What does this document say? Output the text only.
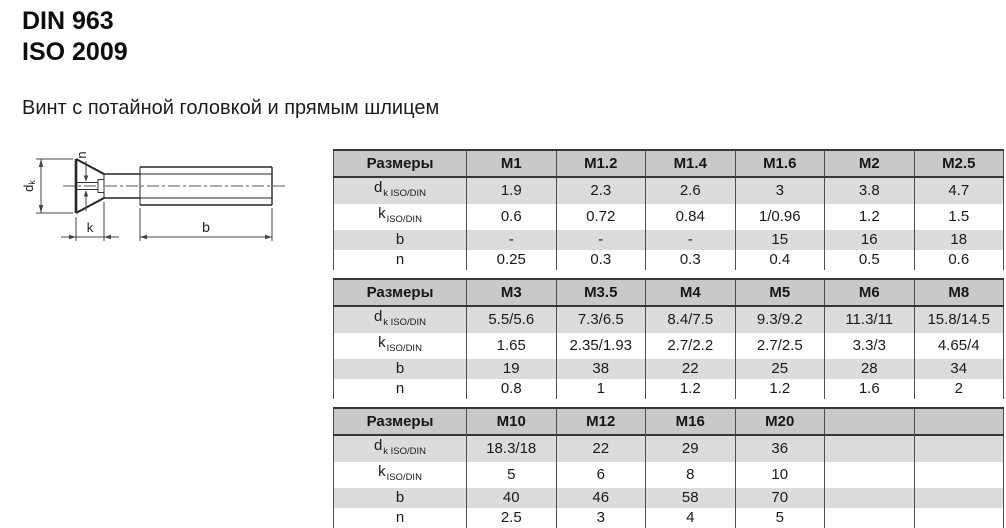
DIN 963
ISO 2009
Винт с потайной головкой и прямым шлицем
dk
n
k	b
Размеры	M1	M1.2	M1.4	M1.6	M2	M2.5
$d_{k ISO/DIN}$	1.9	2.3	2.6	3	3.8	4.7
$k_{ISO/DIN}$	0.6	0.72	0.84	1/0.96	1.2	1.5
b	-	-	-	15	16	18
n	0.25	0.3	0.3	0.4	0.5	0.6
Размеры	M3	M3.5	M4	M5	M6	M8
$d_{k ISO/DIN}$	5.5/5.6	7.3/6.5	8.4/7.5	9.3/9.2	11.3/11	15.8/14.5
$k_{ISO/DIN}$	1.65	2.35/1.93	2.7/2.2	2.7/2.5	3.3/3	4.65/4
b	19	38	22	25	28	34
n	0.8	1	1.2	1.2	1.6	2
Размеры	M10	M12	M16	M20		
$d_{k ISO/DIN}$	18.3/18	22	29	36		
$k_{ISO/DIN}$	5	6	8	10		
b	40	46	58	70		
n	2.5	3	4	5		
